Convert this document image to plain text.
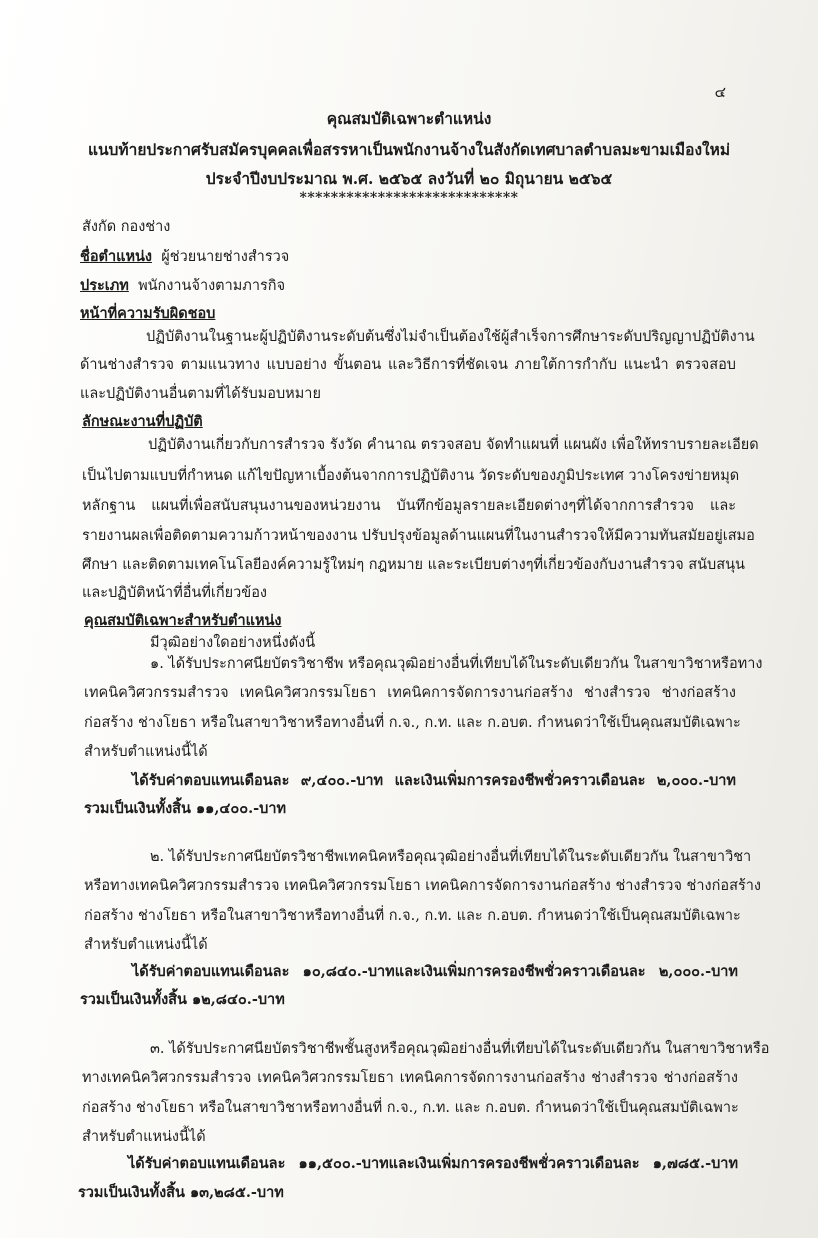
๔
คุณสมบัติเฉพาะตำแหน่ง
แนบท้ายประกาศรับสมัครบุคคลเพื่อสรรหาเป็นพนักงานจ้างในสังกัดเทศบาลตำบลมะขามเมืองใหม่
ประจำปีงบประมาณ พ.ศ. ๒๕๖๕ ลงวันที่ ๒๐ มิถุนายน ๒๕๖๕
****************************
สังกัด กองช่าง
ชื่อตำแหน่ง ผู้ช่วยนายช่างสำรวจ
ประเภท พนักงานจ้างตามภารกิจ
หน้าที่ความรับผิดชอบ
ปฏิบัติงานในฐานะผู้ปฏิบัติงานระดับต้นซึ่งไม่จำเป็นต้องใช้ผู้สำเร็จการศึกษาระดับปริญญาปฏิบัติงาน
ด้านช่างสำรวจ ตามแนวทาง แบบอย่าง ขั้นตอน และวิธีการที่ชัดเจน ภายใต้การกำกับ แนะนำ ตรวจสอบ
และปฏิบัติงานอื่นตามที่ได้รับมอบหมาย
ลักษณะงานที่ปฏิบัติ
ปฏิบัติงานเกี่ยวกับการสำรวจ รังวัด คำนาณ ตรวจสอบ จัดทำแผนที่ แผนผัง เพื่อให้ทราบรายละเอียด
เป็นไปตามแบบที่กำหนด แก้ไขปัญหาเบื้องต้นจากการปฏิบัติงาน วัดระดับของภูมิประเทศ วางโครงข่ายหมุด
หลักฐาน แผนที่เพื่อสนับสนุนงานของหน่วยงาน บันทึกข้อมูลรายละเอียดต่างๆที่ได้จากการสำรวจ และ
รายงานผลเพื่อติดตามความก้าวหน้าของงาน ปรับปรุงข้อมูลด้านแผนที่ในงานสำรวจให้มีความทันสมัยอยู่เสมอ
ศึกษา และติดตามเทคโนโลยีองค์ความรู้ใหม่ๆ กฎหมาย และระเบียบต่างๆที่เกี่ยวข้องกับงานสำรวจ สนับสนุน
และปฏิบัติหน้าที่อื่นที่เกี่ยวข้อง
คุณสมบัติเฉพาะสำหรับตำแหน่ง
มีวุฒิอย่างใดอย่างหนึ่งดังนี้
๑. ได้รับประกาศนียบัตรวิชาชีพ หรือคุณวุฒิอย่างอื่นที่เทียบได้ในระดับเดียวกัน ในสาขาวิชาหรือทาง
เทคนิควิศวกรรมสำรวจ เทคนิควิศวกรรมโยธา เทคนิคการจัดการงานก่อสร้าง ช่างสำรวจ ช่างก่อสร้าง
ก่อสร้าง ช่างโยธา หรือในสาขาวิชาหรือทางอื่นที่ ก.จ., ก.ท. และ ก.อบต. กำหนดว่าใช้เป็นคุณสมบัติเฉพาะ
สำหรับตำแหน่งนี้ได้
ได้รับค่าตอบแทนเดือนละ ๙,๔๐๐.-บาท และเงินเพิ่มการครองชีพชั่วคราวเดือนละ ๒,๐๐๐.-บาท
รวมเป็นเงินทั้งสิ้น ๑๑,๔๐๐.-บาท
๒. ได้รับประกาศนียบัตรวิชาชีพเทคนิคหรือคุณวุฒิอย่างอื่นที่เทียบได้ในระดับเดียวกัน ในสาขาวิชา
หรือทางเทคนิควิศวกรรมสำรวจ เทคนิควิศวกรรมโยธา เทคนิคการจัดการงานก่อสร้าง ช่างสำรวจ ช่างก่อสร้าง
ก่อสร้าง ช่างโยธา หรือในสาขาวิชาหรือทางอื่นที่ ก.จ., ก.ท. และ ก.อบต. กำหนดว่าใช้เป็นคุณสมบัติเฉพาะ
สำหรับตำแหน่งนี้ได้
ได้รับค่าตอบแทนเดือนละ ๑๐,๘๔๐.-บาทและเงินเพิ่มการครองชีพชั่วคราวเดือนละ ๒,๐๐๐.-บาท
รวมเป็นเงินทั้งสิ้น ๑๒,๘๔๐.-บาท
๓. ได้รับประกาศนียบัตรวิชาชีพชั้นสูงหรือคุณวุฒิอย่างอื่นที่เทียบได้ในระดับเดียวกัน ในสาขาวิชาหรือ
ทางเทคนิควิศวกรรมสำรวจ เทคนิควิศวกรรมโยธา เทคนิคการจัดการงานก่อสร้าง ช่างสำรวจ ช่างก่อสร้าง
ก่อสร้าง ช่างโยธา หรือในสาขาวิชาหรือทางอื่นที่ ก.จ., ก.ท. และ ก.อบต. กำหนดว่าใช้เป็นคุณสมบัติเฉพาะ
สำหรับตำแหน่งนี้ได้
ได้รับค่าตอบแทนเดือนละ ๑๑,๕๐๐.-บาทและเงินเพิ่มการครองชีพชั่วคราวเดือนละ ๑,๗๘๕.-บาท
รวมเป็นเงินทั้งสิ้น ๑๓,๒๘๕.-บาท
